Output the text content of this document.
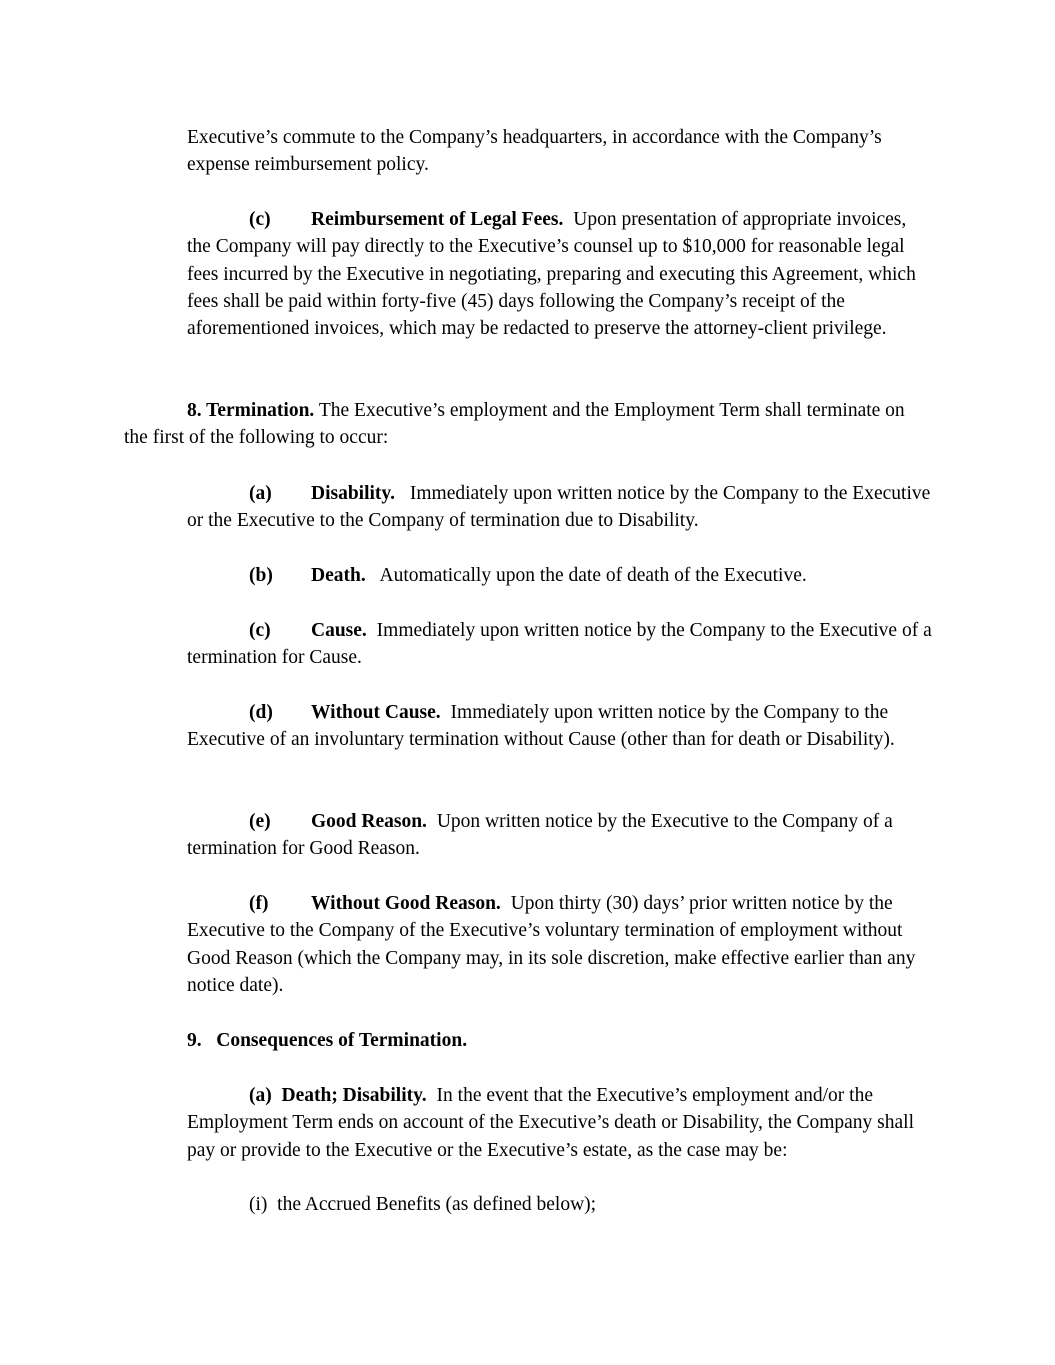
Executive’s commute to the Company’s headquarters, in accordance with the Company’s expense reimbursement policy.

(c) Reimbursement of Legal Fees. Upon presentation of appropriate invoices, the Company will pay directly to the Executive’s counsel up to $10,000 for reasonable legal fees incurred by the Executive in negotiating, preparing and executing this Agreement, which fees shall be paid within forty-five (45) days following the Company’s receipt of the aforementioned invoices, which may be redacted to preserve the attorney-client privilege.

8. Termination. The Executive’s employment and the Employment Term shall terminate on the first of the following to occur:

(a) Disability. Immediately upon written notice by the Company to the Executive or the Executive to the Company of termination due to Disability.

(b) Death. Automatically upon the date of death of the Executive.

(c) Cause. Immediately upon written notice by the Company to the Executive of a termination for Cause.

(d) Without Cause. Immediately upon written notice by the Company to the Executive of an involuntary termination without Cause (other than for death or Disability).

(e) Good Reason. Upon written notice by the Executive to the Company of a termination for Good Reason.

(f) Without Good Reason. Upon thirty (30) days’ prior written notice by the Executive to the Company of the Executive’s voluntary termination of employment without Good Reason (which the Company may, in its sole discretion, make effective earlier than any notice date).

9.   Consequences of Termination.

(a)  Death; Disability. In the event that the Executive’s employment and/or the Employment Term ends on account of the Executive’s death or Disability, the Company shall pay or provide to the Executive or the Executive’s estate, as the case may be:

(i)  the Accrued Benefits (as defined below);
